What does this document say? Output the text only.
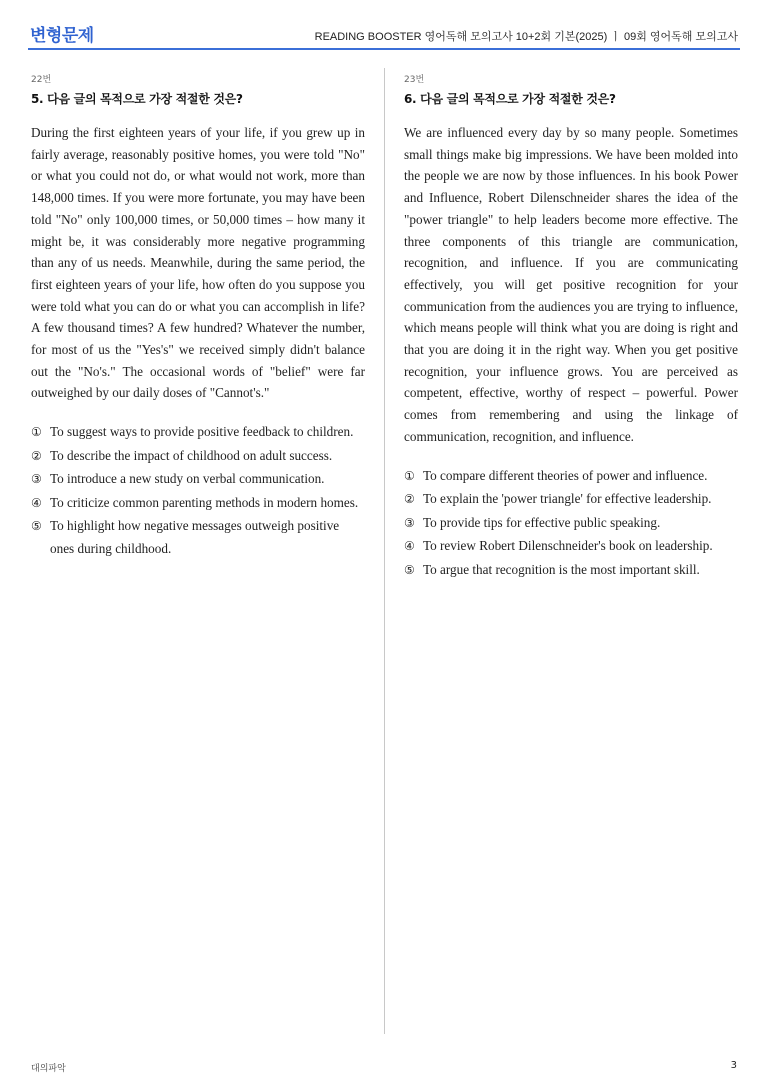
변형문제	READING BOOSTER 영어독해 모의고사 10+2회 기본(2025) ㅣ 09회 영어독해 모의고사
22번
5. 다음 글의 목적으로 가장 적절한 것은?
During the first eighteen years of your life, if you grew up in fairly average, reasonably positive homes, you were told "No" or what you could not do, or what would not work, more than 148,000 times. If you were more fortunate, you may have been told "No" only 100,000 times, or 50,000 times – how many it might be, it was considerably more negative programming than any of us needs. Meanwhile, during the same period, the first eighteen years of your life, how often do you suppose you were told what you can do or what you can accomplish in life? A few thousand times? A few hundred? Whatever the number, for most of us the "Yes's" we received simply didn't balance out the "No's." The occasional words of "belief" were far outweighed by our daily doses of "Cannot's."
① To suggest ways to provide positive feedback to children.
② To describe the impact of childhood on adult success.
③ To introduce a new study on verbal communication.
④ To criticize common parenting methods in modern homes.
⑤ To highlight how negative messages outweigh positive ones during childhood.
23번
6. 다음 글의 목적으로 가장 적절한 것은?
We are influenced every day by so many people. Sometimes small things make big impressions. We have been molded into the people we are now by those influences. In his book Power and Influence, Robert Dilenschneider shares the idea of the "power triangle" to help leaders become more effective. The three components of this triangle are communication, recognition, and influence. If you are communicating effectively, you will get positive recognition for your communication from the audiences you are trying to influence, which means people will think what you are doing is right and that you are doing it in the right way. When you get positive recognition, your influence grows. You are perceived as competent, effective, worthy of respect – powerful. Power comes from remembering and using the linkage of communication, recognition, and influence.
① To compare different theories of power and influence.
② To explain the 'power triangle' for effective leadership.
③ To provide tips for effective public speaking.
④ To review Robert Dilenschneider's book on leadership.
⑤ To argue that recognition is the most important skill.
대의파악	3
